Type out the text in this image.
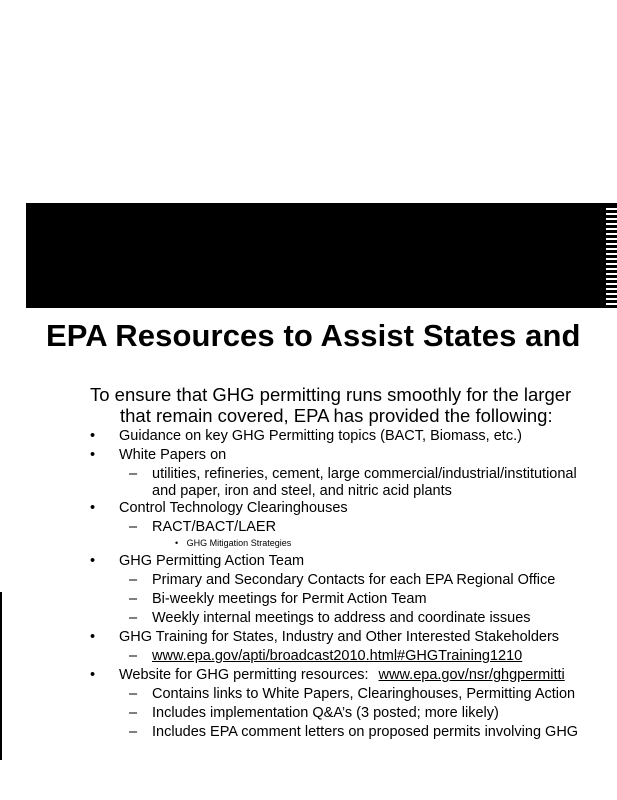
EPA Resources to Assist States and
To ensure that GHG permitting runs smoothly for the larger
that remain covered, EPA has provided the following:
• Guidance on key GHG Permitting topics (BACT, Biomass, etc.)
• White Papers on
– utilities, refineries, cement, large commercial/industrial/institutional
and paper, iron and steel, and nitric acid plants
• Control Technology Clearinghouses
– RACT/BACT/LAER
• GHG Mitigation Strategies
• GHG Permitting Action Team
– Primary and Secondary Contacts for each EPA Regional Office
– Bi-weekly meetings for Permit Action Team
– Weekly internal meetings to address and coordinate issues
• GHG Training for States, Industry and Other Interested Stakeholders
– www.epa.gov/apti/broadcast2010.html#GHGTraining1210
• Website for GHG permitting resources: www.epa.gov/nsr/ghgpermitti
– Contains links to White Papers, Clearinghouses, Permitting Action
– Includes implementation Q&A’s (3 posted; more likely)
– Includes EPA comment letters on proposed permits involving GHG
